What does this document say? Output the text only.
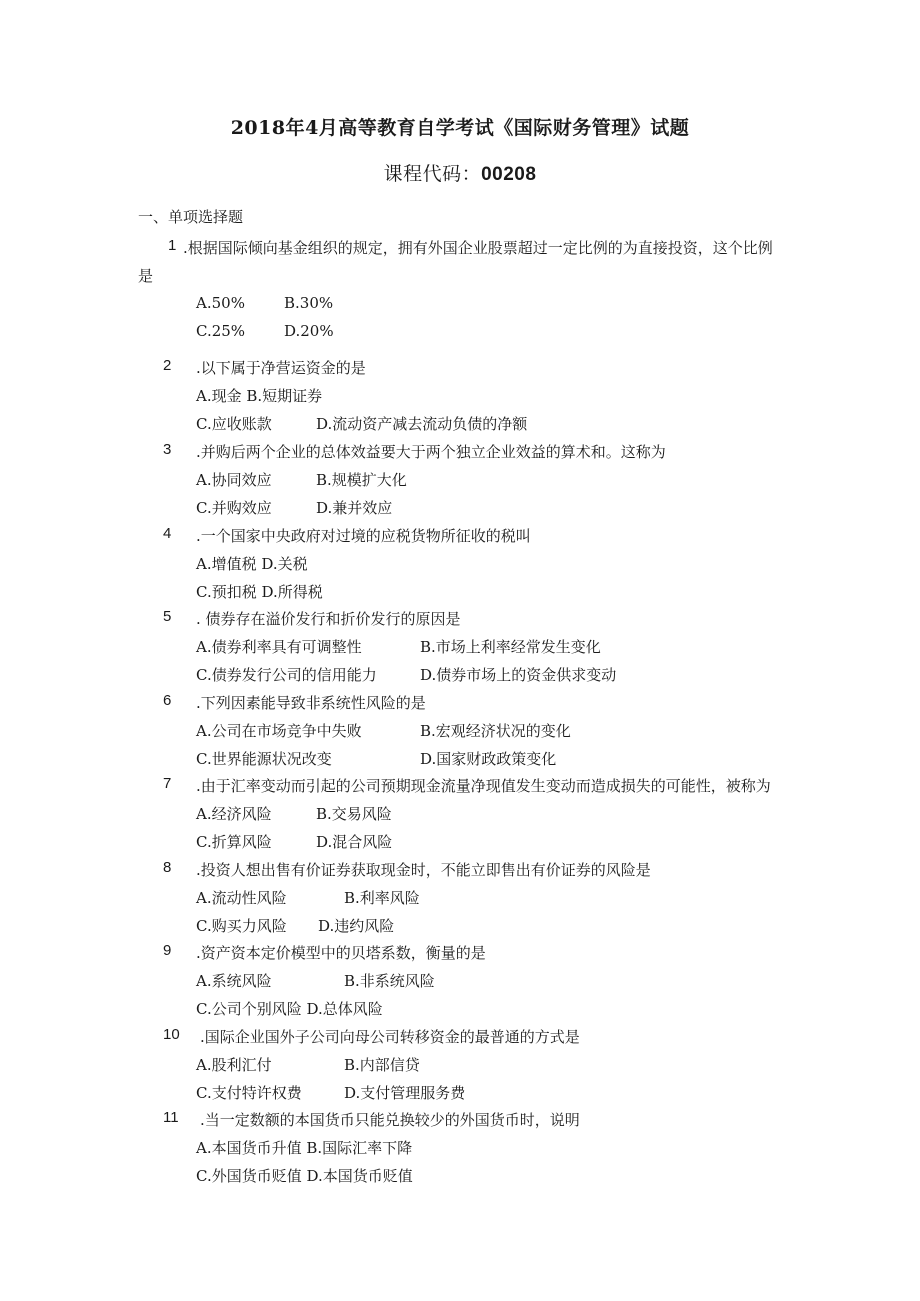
2018年4月高等教育自学考试《国际财务管理》试题
课程代码：00208
一、单项选择题
1 .根据国际倾向基金组织的规定，拥有外国企业股票超过一定比例的为直接投资，这个比例
是
A.50%	B.30%
C.25%	D.20%
2 .以下属于净营运资金的是
A.现金 B.短期证券
C.应收账款	D.流动资产减去流动负债的净额
3 .并购后两个企业的总体效益要大于两个独立企业效益的算术和。这称为
A.协同效应	B.规模扩大化
C.并购效应	D.兼并效应
4 .一个国家中央政府对过境的应税货物所征收的税叫
A.增值税 D.关税
C.预扣税 D.所得税
5 . 债券存在溢价发行和折价发行的原因是
A.债券利率具有可调整性	B.市场上利率经常发生变化
C.债券发行公司的信用能力	D.债券市场上的资金供求变动
6 .下列因素能导致非系统性风险的是
A.公司在市场竞争中失败	B.宏观经济状况的变化
C.世界能源状况改变	D.国家财政政策变化
7 .由于汇率变动而引起的公司预期现金流量净现值发生变动而造成损失的可能性，被称为
A.经济风险	B.交易风险
C.折算风险	D.混合风险
8 .投资人想出售有价证券获取现金时，不能立即售出有价证券的风险是
A.流动性风险	B.利率风险
C.购买力风险 D.违约风险
9 .资产资本定价模型中的贝塔系数，衡量的是
A.系统风险	B.非系统风险
C.公司个别风险 D.总体风险
10 .国际企业国外子公司向母公司转移资金的最普通的方式是
A.股利汇付	B.内部信贷
C.支付特许权费	D.支付管理服务费
11 .当一定数额的本国货币只能兑换较少的外国货币时，说明
A.本国货币升值 B.国际汇率下降
C.外国货币贬值 D.本国货币贬值
